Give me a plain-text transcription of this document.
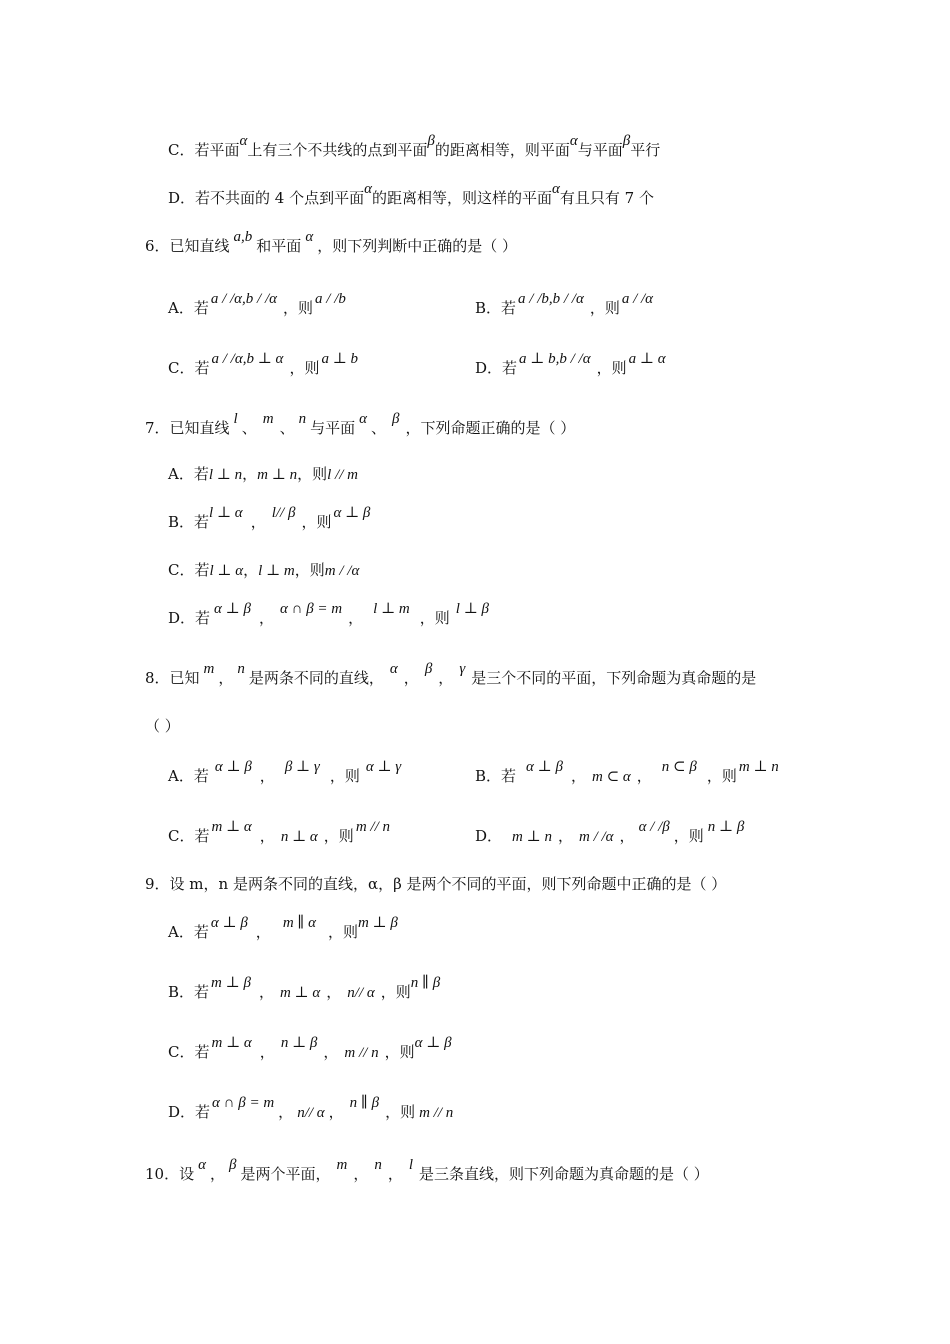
C．若平面α上有三个不共线的点到平面β的距离相等，则平面α与平面β平行
D．若不共面的 4 个点到平面α的距离相等，则这样的平面α有且只有 7 个
6．已知直线 a,b 和平面 α ，则下列判断中正确的是（ ）
A．若 a / /α,b / /α ，则 a / /b	B．若 a / /b,b / /α ，则 a / /α
C．若 a / /α,b ⊥ α ，则 a ⊥ b	D．若 a ⊥ b,b / /α ，则 a ⊥ α
7．已知直线 l 、 m 、 n 与平面 α 、 β ，下列命题正确的是（ ）
A．若l ⊥ n，m ⊥ n，则l // m
B．若l ⊥ α ， l// β ，则 α ⊥ β
C．若l ⊥ α，l ⊥ m，则m / /α
D．若 α ⊥ β ， α ∩ β = m ， l ⊥ m ，则 l ⊥ β
8．已知 m ， n 是两条不同的直线， α ， β ， γ 是三个不同的平面，下列命题为真命题的是
（ ）
A．若 α ⊥ β ， β ⊥ γ ，则 α ⊥ γ	B．若 α ⊥ β ， m ⊂ α ， n ⊂ β ，则 m ⊥ n
C．若 m ⊥ α ， n ⊥ α ，则 m // n	D． m ⊥ n ， m / /α ， α / /β ，则 n ⊥ β
9．设 m，n 是两条不同的直线，α，β 是两个不同的平面，则下列命题中正确的是（ ）
A．若 α ⊥ β ， m ∥ α ，则m ⊥ β
B．若 m ⊥ β ， m ⊥ α ， n// α ，则n ∥ β
C．若 m ⊥ α ， n ⊥ β ， m // n ，则α ⊥ β
D．若 α ∩ β = m ， n// α ， n ∥ β ，则 m // n
10．设 α ， β 是两个平面， m ， n ， l 是三条直线，则下列命题为真命题的是（ ）
